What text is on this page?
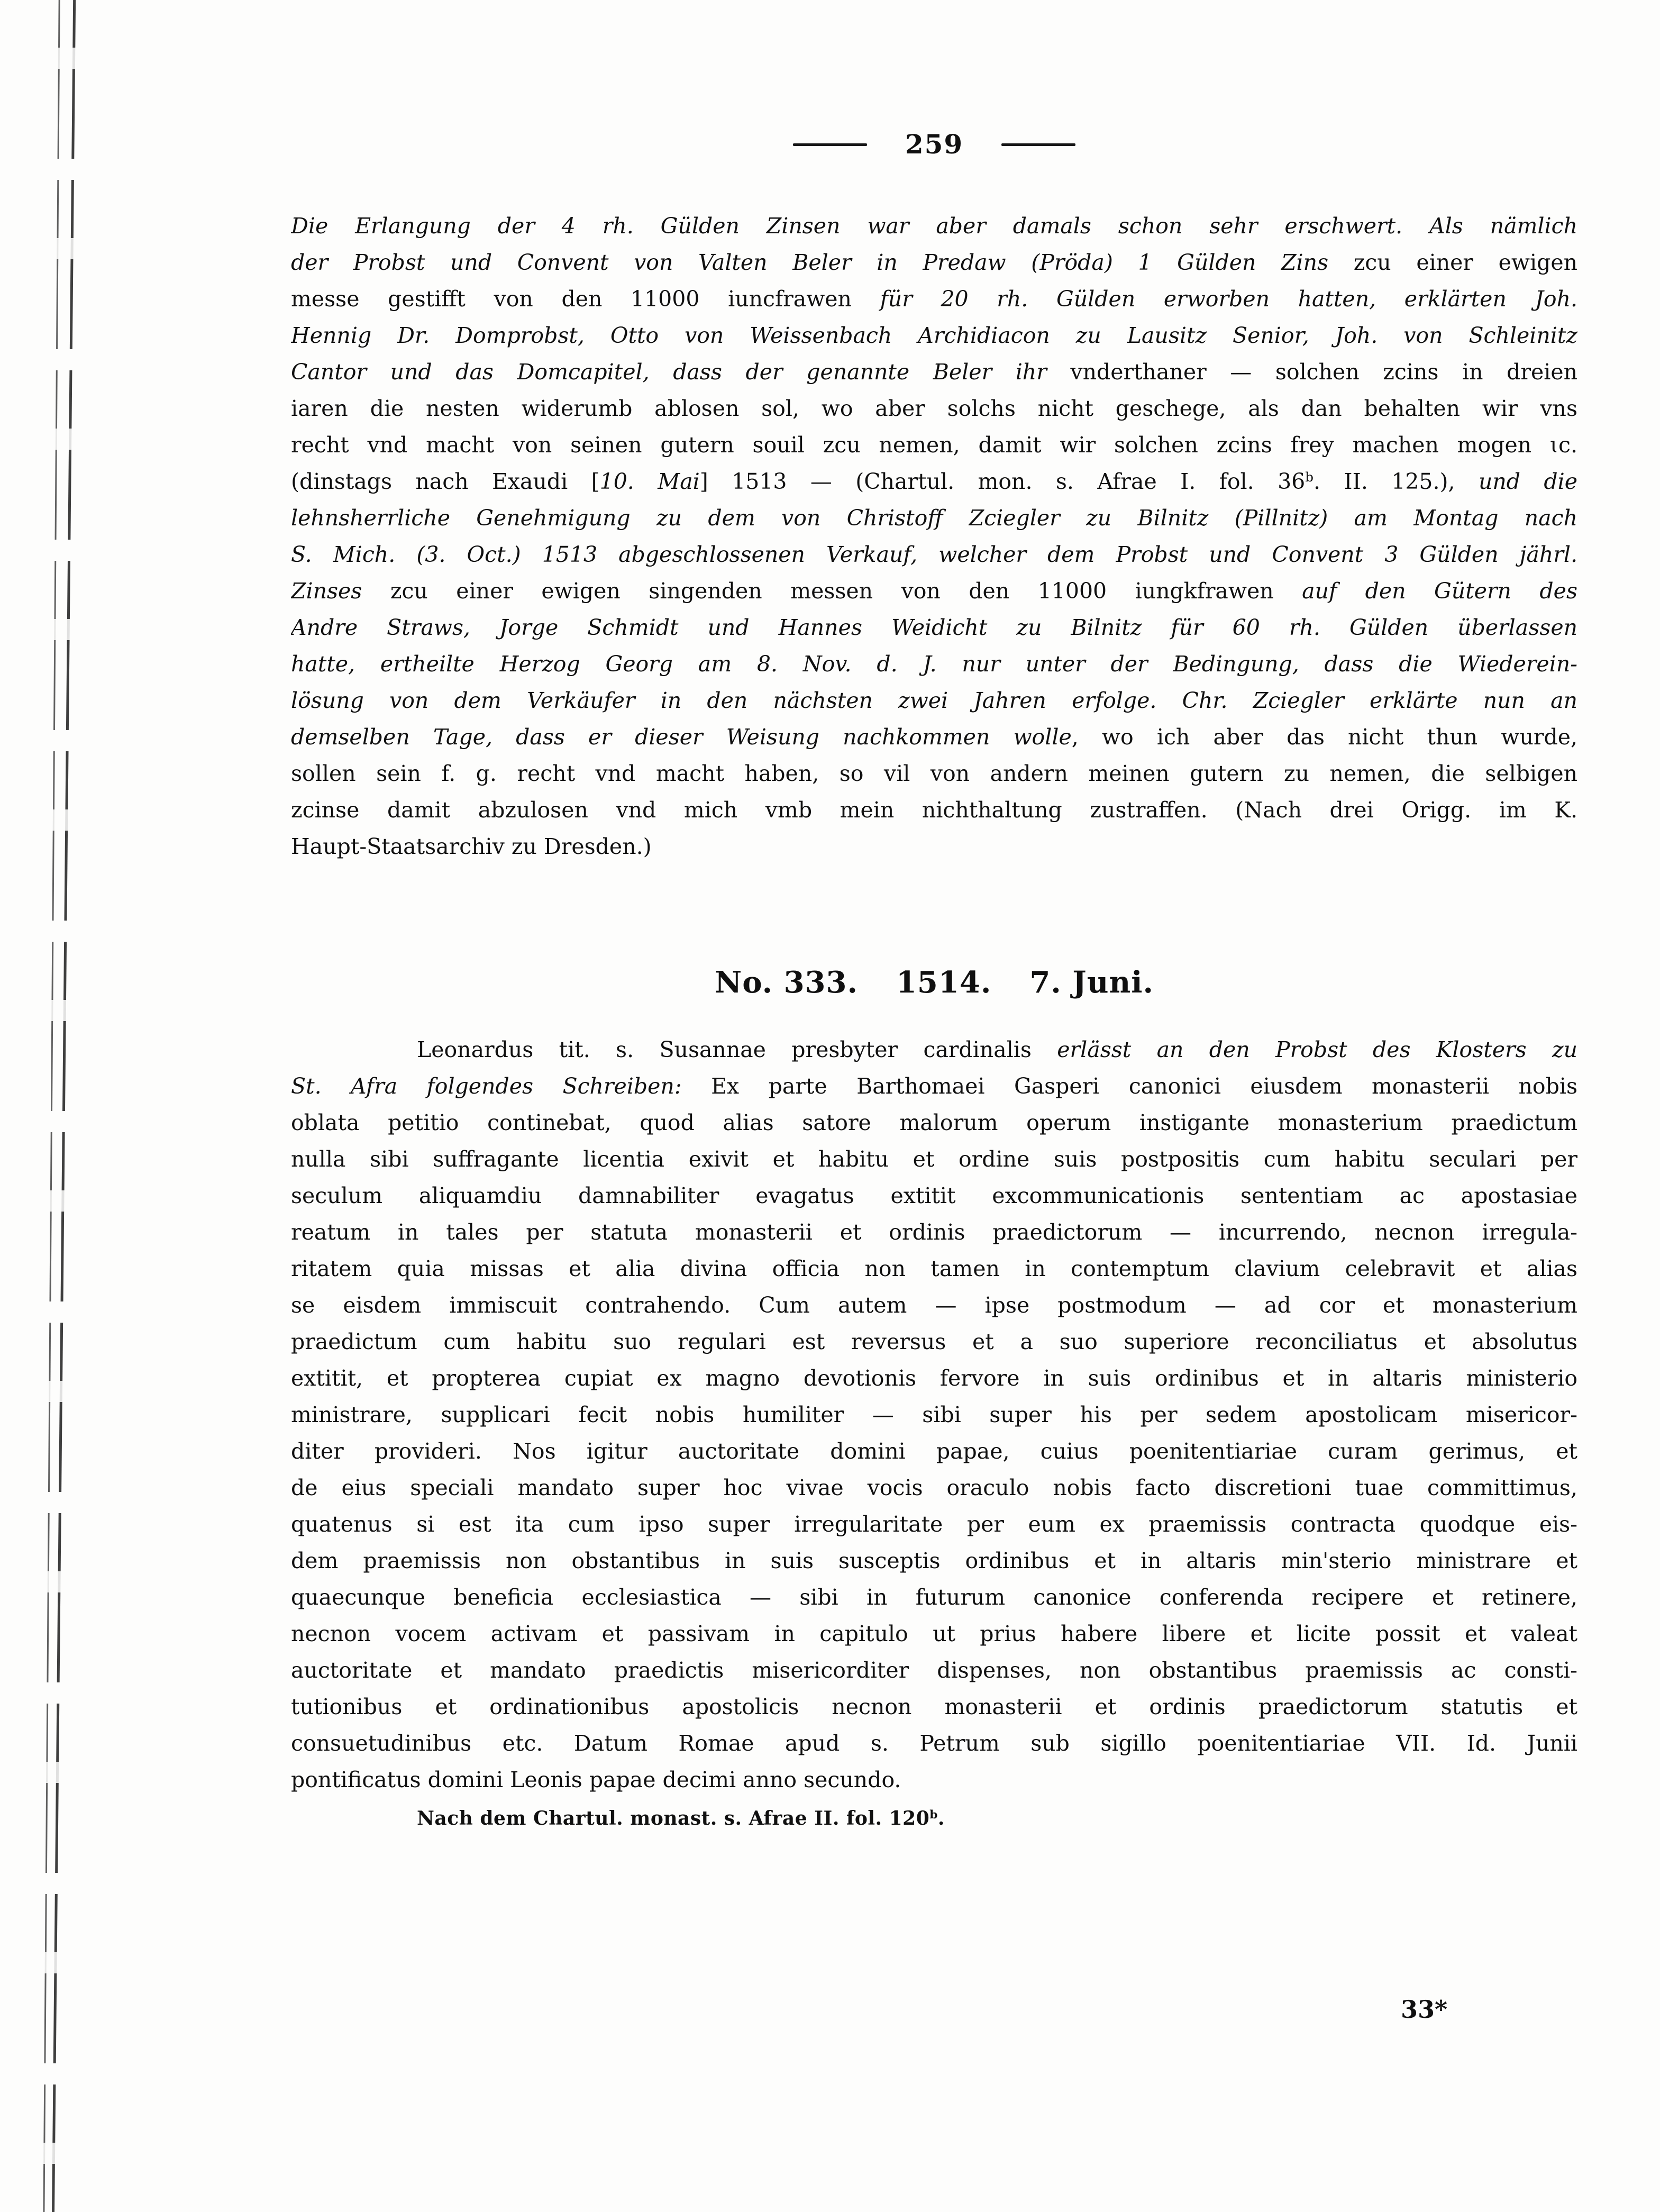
259
Die Erlangung der 4 rh. Gülden Zinsen war aber damals schon sehr erschwert. Als nämlich
der Probst und Convent von Valten Beler in Predaw (Pröda) 1 Gülden Zins zcu einer ewigen
messe gestifft von den 11000 iuncfrawen für 20 rh. Gülden erworben hatten, erklärten Joh.
Hennig Dr. Domprobst, Otto von Weissenbach Archidiacon zu Lausitz Senior, Joh. von Schleinitz
Cantor und das Domcapitel, dass der genannte Beler ihr vnderthaner — solchen zcins in dreien
iaren die nesten widerumb ablosen sol, wo aber solchs nicht geschege, als dan behalten wir vns
recht vnd macht von seinen gutern souil zcu nemen, damit wir solchen zcins frey machen mogen ɩc.
(dinstags nach Exaudi [10. Mai] 1513 — (Chartul. mon. s. Afrae I. fol. 36$^b$. II. 125.), und die
lehnsherrliche Genehmigung zu dem von Christoff Zciegler zu Bilnitz (Pillnitz) am Montag nach
S. Mich. (3. Oct.) 1513 abgeschlossenen Verkauf, welcher dem Probst und Convent 3 Gülden jährl.
Zinses zcu einer ewigen singenden messen von den 11000 iungkfrawen auf den Gütern des
Andre Straws, Jorge Schmidt und Hannes Weidicht zu Bilnitz für 60 rh. Gülden überlassen
hatte, ertheilte Herzog Georg am 8. Nov. d. J. nur unter der Bedingung, dass die Wiederein-
lösung von dem Verkäufer in den nächsten zwei Jahren erfolge. Chr. Zciegler erklärte nun an
demselben Tage, dass er dieser Weisung nachkommen wolle, wo ich aber das nicht thun wurde,
sollen sein f. g. recht vnd macht haben, so vil von andern meinen gutern zu nemen, die selbigen
zcinse damit abzulosen vnd mich vmb mein nichthaltung zustraffen. (Nach drei Origg. im K.
Haupt-Staatsarchiv zu Dresden.)
No. 333. 1514. 7. Juni.
Leonardus tit. s. Susannae presbyter cardinalis erlässt an den Probst des Klosters zu
St. Afra folgendes Schreiben: Ex parte Barthomaei Gasperi canonici eiusdem monasterii nobis
oblata petitio continebat, quod alias satore malorum operum instigante monasterium praedictum
nulla sibi suffragante licentia exivit et habitu et ordine suis postpositis cum habitu seculari per
seculum aliquamdiu damnabiliter evagatus extitit excommunicationis sententiam ac apostasiae
reatum in tales per statuta monasterii et ordinis praedictorum — incurrendo, necnon irregula-
ritatem quia missas et alia divina officia non tamen in contemptum clavium celebravit et alias
se eisdem immiscuit contrahendo. Cum autem — ipse postmodum — ad cor et monasterium
praedictum cum habitu suo regulari est reversus et a suo superiore reconciliatus et absolutus
extitit, et propterea cupiat ex magno devotionis fervore in suis ordinibus et in altaris ministerio
ministrare, supplicari fecit nobis humiliter — sibi super his per sedem apostolicam misericor-
diter provideri. Nos igitur auctoritate domini papae, cuius poenitentiariae curam gerimus, et
de eius speciali mandato super hoc vivae vocis oraculo nobis facto discretioni tuae committimus,
quatenus si est ita cum ipso super irregularitate per eum ex praemissis contracta quodque eis-
dem praemissis non obstantibus in suis susceptis ordinibus et in altaris min'sterio ministrare et
quaecunque beneficia ecclesiastica — sibi in futurum canonice conferenda recipere et retinere,
necnon vocem activam et passivam in capitulo ut prius habere libere et licite possit et valeat
auctoritate et mandato praedictis misericorditer dispenses, non obstantibus praemissis ac consti-
tutionibus et ordinationibus apostolicis necnon monasterii et ordinis praedictorum statutis et
consuetudinibus etc. Datum Romae apud s. Petrum sub sigillo poenitentiariae VII. Id. Junii
pontificatus domini Leonis papae decimi anno secundo.
Nach dem Chartul. monast. s. Afrae II. fol. 120$^b$.
33*
